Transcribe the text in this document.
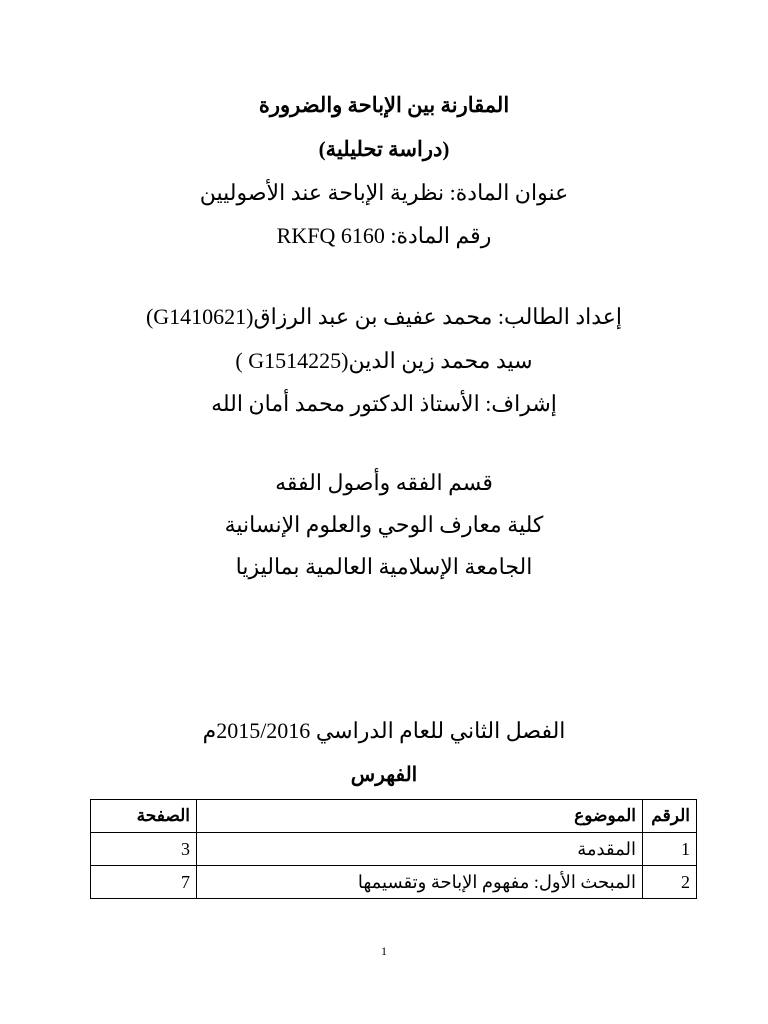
المقارنة بين الإباحة والضرورة
(دراسة تحليلية)
عنوان المادة: نظرية الإباحة عند الأصوليين
رقم المادة: RKFQ 6160
إعداد الطالب: محمد عفيف بن عبد الرزاق(G1410621)
سيد محمد زين الدين(G1514225 )
إشراف: الأستاذ الدكتور محمد أمان الله
قسم الفقه وأصول الفقه
كلية معارف الوحي والعلوم الإنسانية
الجامعة الإسلامية العالمية بماليزيا
الفصل الثاني للعام الدراسي 2015/2016م
الفهرس
الرقم	الموضوع	الصفحة
1	المقدمة	3
2	المبحث الأول: مفهوم الإباحة وتقسيمها	7
1
